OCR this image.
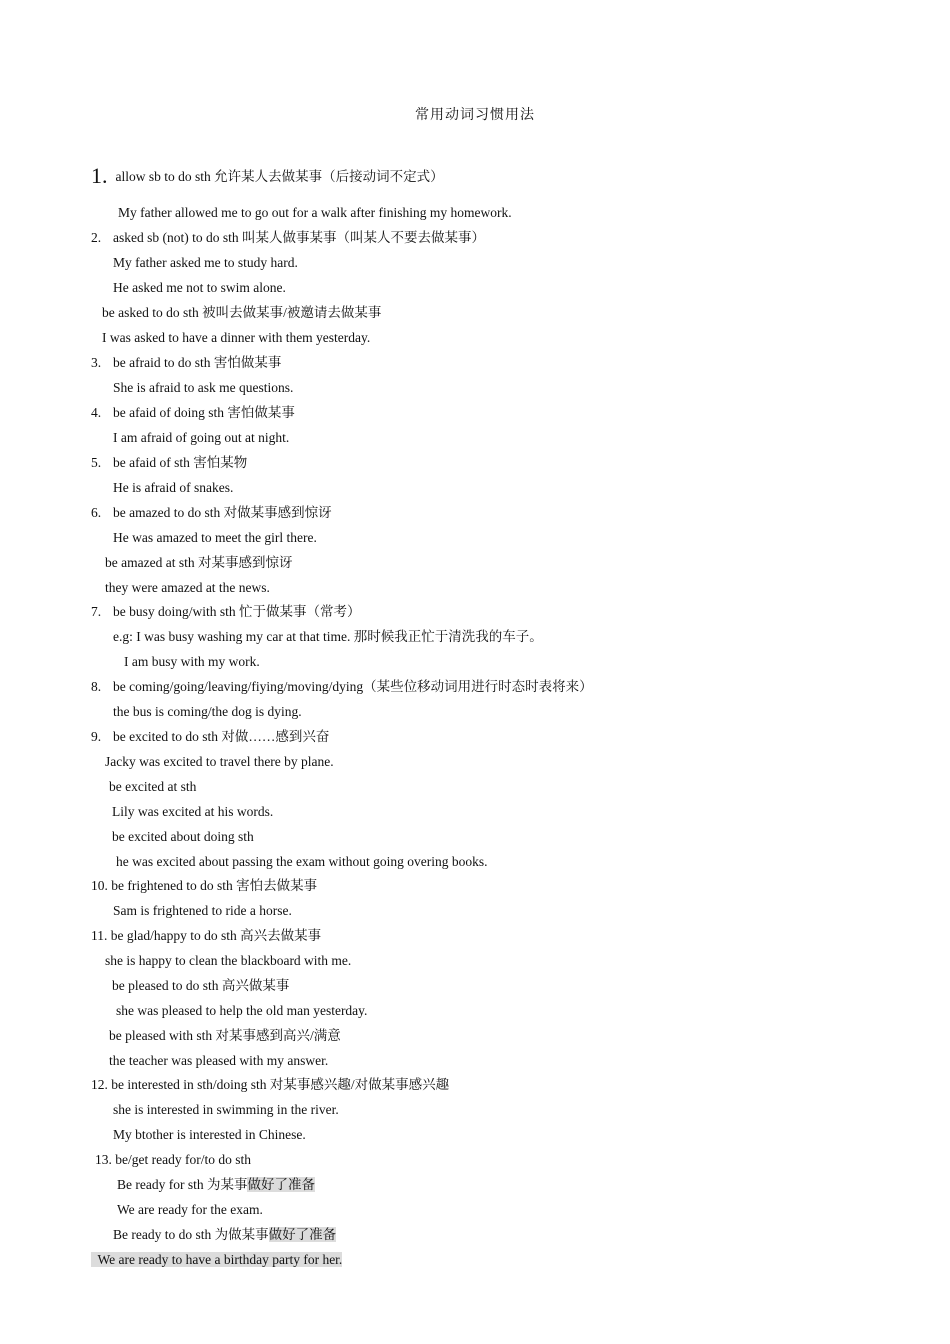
常用动词习惯用法
1. allow sb to do sth 允许某人去做某事（后接动词不定式）
My father allowed me to go out for a walk after finishing my homework.
2. asked sb (not) to do sth 叫某人做事某事（叫某人不要去做某事）
My father asked me to study hard.
He asked me not to swim alone.
be asked to do sth 被叫去做某事/被邀请去做某事
I was asked to have a dinner with them yesterday.
3. be afraid to do sth 害怕做某事
She is afraid to ask me questions.
4. be afaid of doing sth 害怕做某事
I am afraid of going out at night.
5. be afaid of sth 害怕某物
He is afraid of snakes.
6. be amazed to do sth 对做某事感到惊讶
He was amazed to meet the girl there.
be amazed at sth 对某事感到惊讶
they were amazed at the news.
7. be busy doing/with sth 忙于做某事（常考）
e.g: I was busy washing my car at that time. 那时候我正忙于清洗我的车子。
I am busy with my work.
8. be coming/going/leaving/fiying/moving/dying（某些位移动词用进行时态时表将来）
the bus is coming/the dog is dying.
9. be excited to do sth 对做……感到兴奋
Jacky was excited to travel there by plane.
be excited at sth
Lily was excited at his words.
be excited about doing sth
he was excited about passing the exam without going overing books.
10. be frightened to do sth 害怕去做某事
Sam is frightened to ride a horse.
11. be glad/happy to do sth 高兴去做某事
she is happy to clean the blackboard with me.
be pleased to do sth 高兴做某事
she was pleased to help the old man yesterday.
be pleased with sth 对某事感到高兴/满意
the teacher was pleased with my answer.
12. be interested in sth/doing sth 对某事感兴趣/对做某事感兴趣
she is interested in swimming in the river.
My btother is interested in Chinese.
13. be/get ready for/to do sth
Be ready for sth 为某事做好了准备
We are ready for the exam.
Be ready to do sth 为做某事做好了准备
We are ready to have a birthday party for her.
